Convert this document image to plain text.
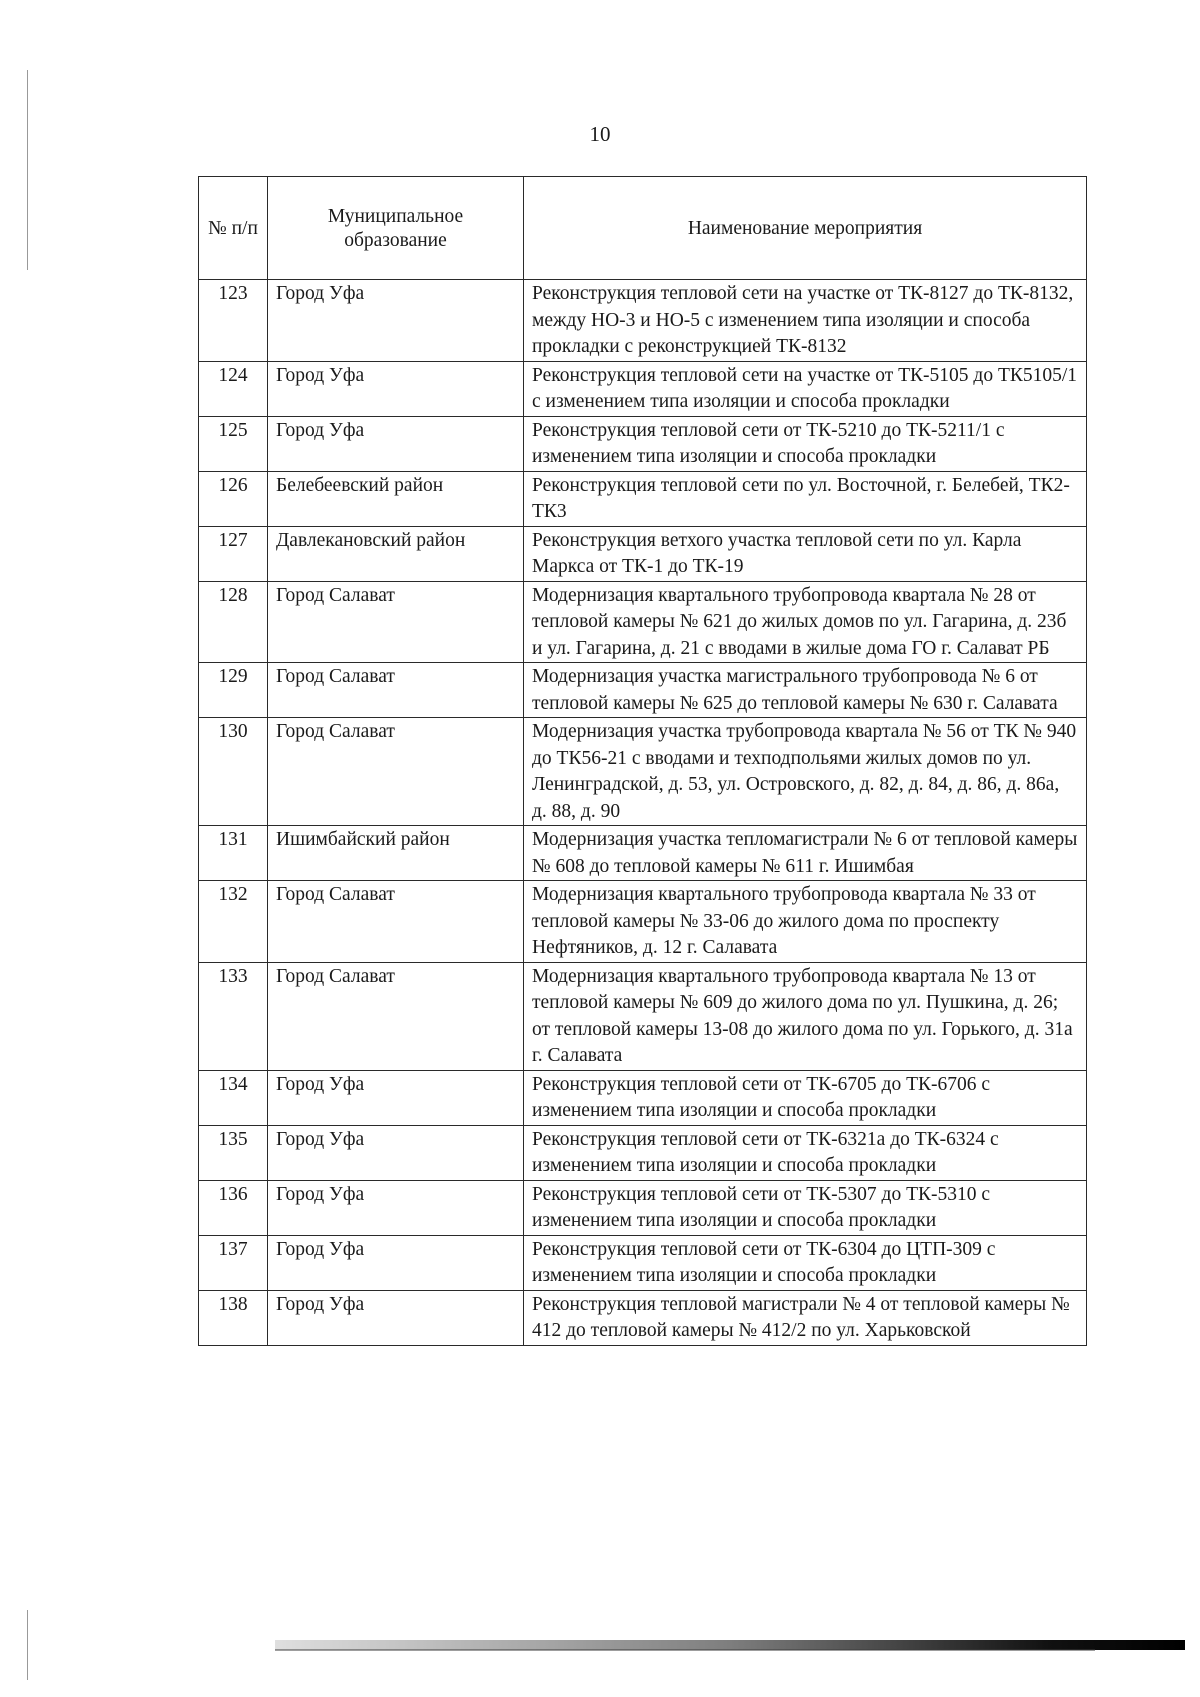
10
№ п/п	Муниципальное образование	Наименование мероприятия
123	Город Уфа	Реконструкция тепловой сети на участке от ТК-8127 до ТК-8132, между НО-3 и НО-5 с изменением типа изоляции и способа прокладки с реконструкцией ТК-8132
124	Город Уфа	Реконструкция тепловой сети на участке от ТК-5105 до ТК5105/1 с изменением типа изоляции и способа прокладки
125	Город Уфа	Реконструкция тепловой сети от ТК-5210 до ТК-5211/1 с изменением типа изоляции и способа прокладки
126	Белебеевский район	Реконструкция тепловой сети по ул. Восточной, г. Белебей, ТК2-ТК3
127	Давлекановский район	Реконструкция ветхого участка тепловой сети по ул. Карла Маркса от ТК-1 до ТК-19
128	Город Салават	Модернизация квартального трубопровода квартала № 28 от тепловой камеры № 621 до жилых домов по ул. Гагарина, д. 23б и ул. Гагарина, д. 21 с вводами в жилые дома ГО г. Салават РБ
129	Город Салават	Модернизация участка магистрального трубопровода № 6 от тепловой камеры № 625 до тепловой камеры № 630 г. Салавата
130	Город Салават	Модернизация участка трубопровода квартала № 56 от ТК № 940 до ТК56-21 с вводами и техподпольями жилых домов по ул. Ленинградской, д. 53, ул. Островского, д. 82, д. 84, д. 86, д. 86а, д. 88, д. 90
131	Ишимбайский район	Модернизация участка тепломагистрали № 6 от тепловой камеры № 608 до тепловой камеры № 611 г. Ишимбая
132	Город Салават	Модернизация квартального трубопровода квартала № 33 от тепловой камеры № 33-06 до жилого дома по проспекту Нефтяников, д. 12 г. Салавата
133	Город Салават	Модернизация квартального трубопровода квартала № 13 от тепловой камеры № 609 до жилого дома по ул. Пушкина, д. 26; от тепловой камеры 13-08 до жилого дома по ул. Горького, д. 31а г. Салавата
134	Город Уфа	Реконструкция тепловой сети от ТК-6705 до ТК-6706 с изменением типа изоляции и способа прокладки
135	Город Уфа	Реконструкция тепловой сети от ТК-6321а до ТК-6324 с изменением типа изоляции и способа прокладки
136	Город Уфа	Реконструкция тепловой сети от ТК-5307 до ТК-5310 с изменением типа изоляции и способа прокладки
137	Город Уфа	Реконструкция тепловой сети от ТК-6304 до ЦТП-309 с изменением типа изоляции и способа прокладки
138	Город Уфа	Реконструкция тепловой магистрали № 4 от тепловой камеры № 412 до тепловой камеры № 412/2 по ул. Харьковской
